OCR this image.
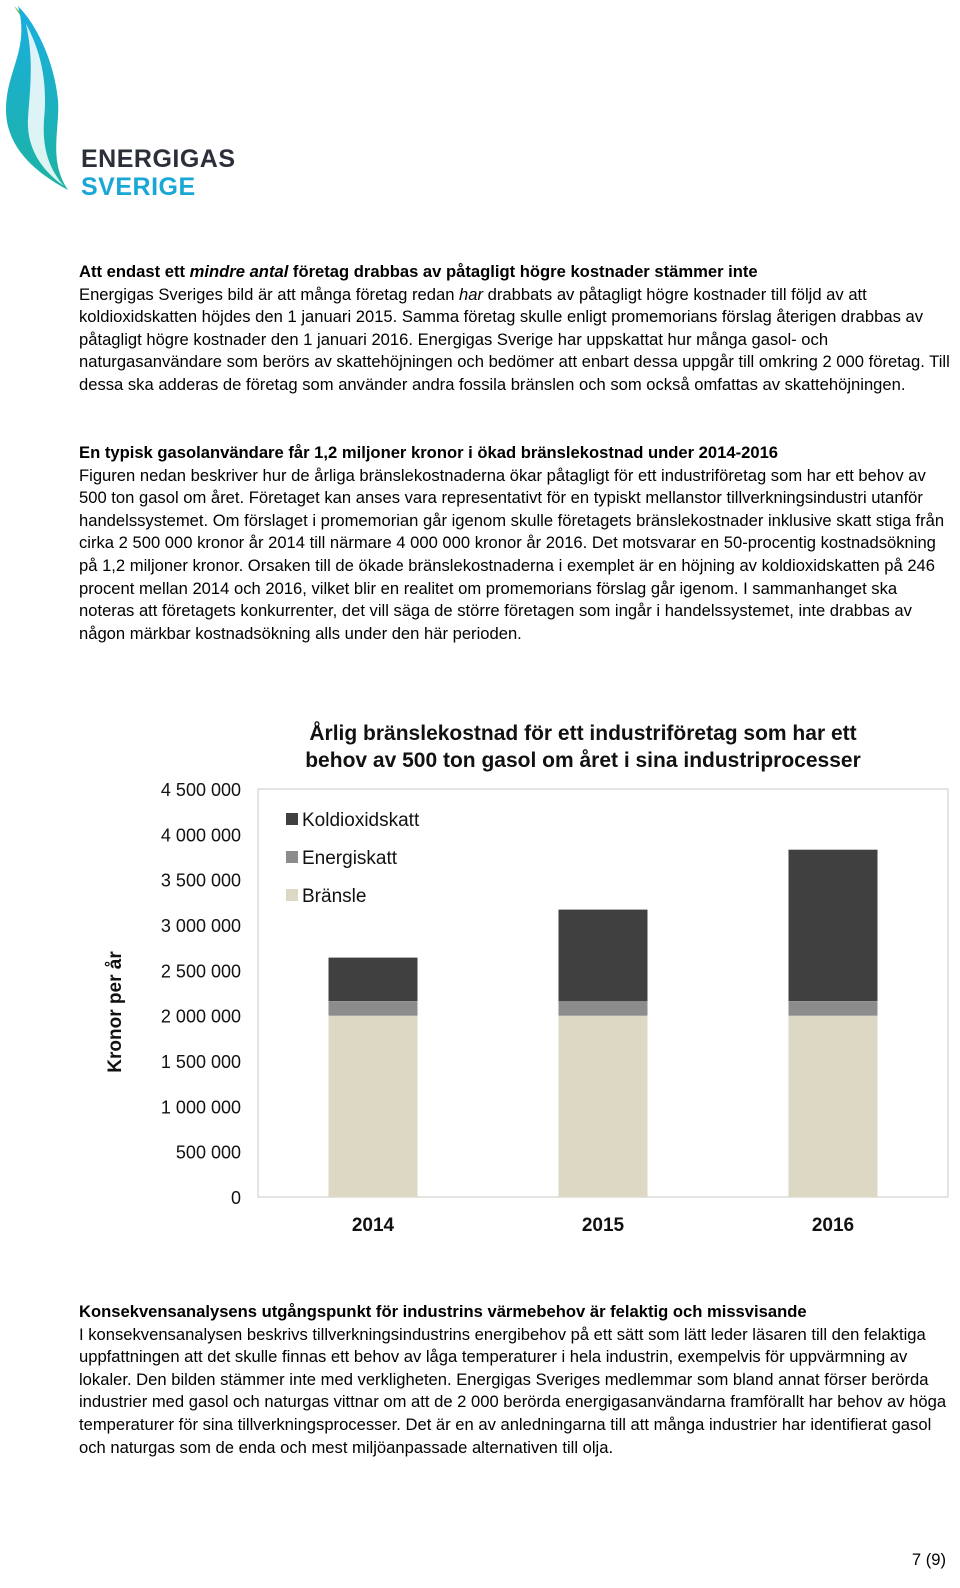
ENERGIGAS
SVERIGE

Att endast ett mindre antal företag drabbas av påtagligt högre kostnader stämmer inte

Energigas Sveriges bild är att många företag redan har drabbats av påtagligt högre kostnader till följd av att koldioxidskatten höjdes den 1 januari 2015. Samma företag skulle enligt promemorians förslag återigen drabbas av påtagligt högre kostnader den 1 januari 2016. Energigas Sverige har uppskattat hur många gasol- och naturgasanvändare som berörs av skattehöjningen och bedömer att enbart dessa uppgår till omkring 2 000 företag. Till dessa ska adderas de företag som använder andra fossila bränslen och som också omfattas av skattehöjningen.

En typisk gasolanvändare får 1,2 miljoner kronor i ökad bränslekostnad under 2014-2016

Figuren nedan beskriver hur de årliga bränslekostnaderna ökar påtagligt för ett industriföretag som har ett behov av 500 ton gasol om året. Företaget kan anses vara representativt för en typiskt mellanstor tillverkningsindustri utanför handelssystemet. Om förslaget i promemorian går igenom skulle företagets bränslekostnader inklusive skatt stiga från cirka 2 500 000 kronor år 2014 till närmare 4 000 000 kronor år 2016. Det motsvarar en 50-procentig kostnadsökning på 1,2 miljoner kronor. Orsaken till de ökade bränslekostnaderna i exemplet är en höjning av koldioxidskatten på 246 procent mellan 2014 och 2016, vilket blir en realitet om promemorians förslag går igenom. I sammanhanget ska noteras att företagets konkurrenter, det vill säga de större företagen som ingår i handelssystemet, inte drabbas av någon märkbar kostnadsökning alls under den här perioden.

Årlig bränslekostnad för ett industriföretag som har ett
behov av 500 ton gasol om året i sina industriprocesser
Kronor per år
0
500 000
1 000 000
1 500 000
2 000 000
2 500 000
3 000 000
3 500 000
4 000 000
4 500 000
2014	2015	2016
Koldioxidskatt
Energiskatt
Bränsle

Konsekvensanalysens utgångspunkt för industrins värmebehov är felaktig och missvisande

I konsekvensanalysen beskrivs tillverkningsindustrins energibehov på ett sätt som lätt leder läsaren till den felaktiga uppfattningen att det skulle finnas ett behov av låga temperaturer i hela industrin, exempelvis för uppvärmning av lokaler. Den bilden stämmer inte med verkligheten. Energigas Sveriges medlemmar som bland annat förser berörda industrier med gasol och naturgas vittnar om att de 2 000 berörda energigasanvändarna framförallt har behov av höga temperaturer för sina tillverkningsprocesser. Det är en av anledningarna till att många industrier har identifierat gasol och naturgas som de enda och mest miljöanpassade alternativen till olja.

7 (9)
